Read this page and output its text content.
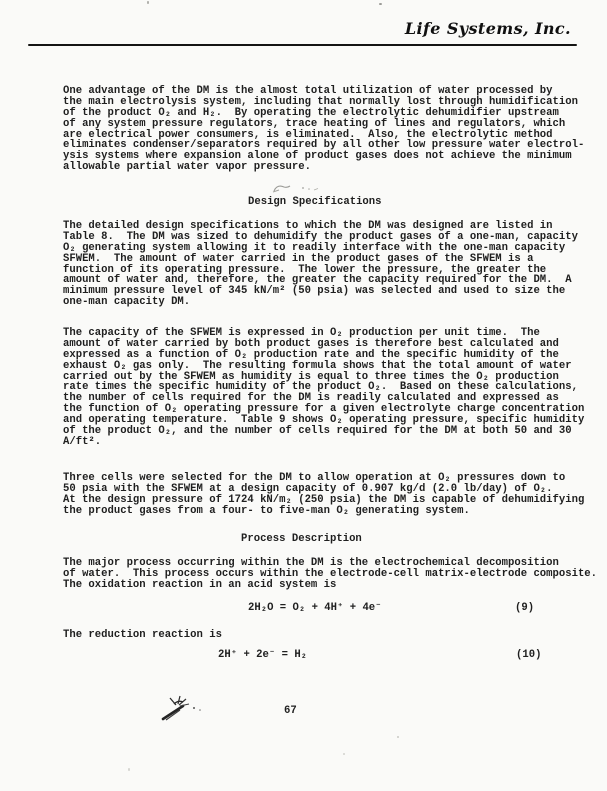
Life Systems, Inc.
One advantage of the DM is the almost total utilization of water processed by
the main electrolysis system, including that normally lost through humidification
of the product O₂ and H₂.  By operating the electrolytic dehumidifier upstream
of any system pressure regulators, trace heating of lines and regulators, which
are electrical power consumers, is eliminated.  Also, the electrolytic method
eliminates condenser/separators required by all other low pressure water electrol-
ysis systems where expansion alone of product gases does not achieve the minimum
allowable partial water vapor pressure.
Design Specifications
The detailed design specifications to which the DM was designed are listed in
Table 8.  The DM was sized to dehumidify the product gases of a one-man, capacity
O₂ generating system allowing it to readily interface with the one-man capacity
SFWEM.  The amount of water carried in the product gases of the SFWEM is a
function of its operating pressure.  The lower the pressure, the greater the
amount of water and, therefore, the greater the capacity required for the DM.  A
minimum pressure level of 345 kN/m² (50 psia) was selected and used to size the
one-man capacity DM.
The capacity of the SFWEM is expressed in O₂ production per unit time.  The
amount of water carried by both product gases is therefore best calculated and
expressed as a function of O₂ production rate and the specific humidity of the
exhaust O₂ gas only.  The resulting formula shows that the total amount of water
carried out by the SFWEM as humidity is equal to three times the O₂ production
rate times the specific humidity of the product O₂.  Based on these calculations,
the number of cells required for the DM is readily calculated and expressed as
the function of O₂ operating pressure for a given electrolyte charge concentration
and operating temperature.  Table 9 shows O₂ operating pressure, specific humidity
of the product O₂, and the number of cells required for the DM at both 50 and 30
A/ft².
Three cells were selected for the DM to allow operation at O₂ pressures down to
50 psia with the SFWEM at a design capacity of 0.907 kg/d (2.0 lb/day) of O₂.
At the design pressure of 1724 kN/m₂ (250 psia) the DM is capable of dehumidifying
the product gases from a four- to five-man O₂ generating system.
Process Description
The major process occurring within the DM is the electrochemical decomposition
of water.  This process occurs within the electrode-cell matrix-electrode composite.
The oxidation reaction in an acid system is
2H₂O = O₂ + 4H⁺ + 4e⁻	(9)
The reduction reaction is
2H⁺ + 2e⁻ = H₂	(10)
67
